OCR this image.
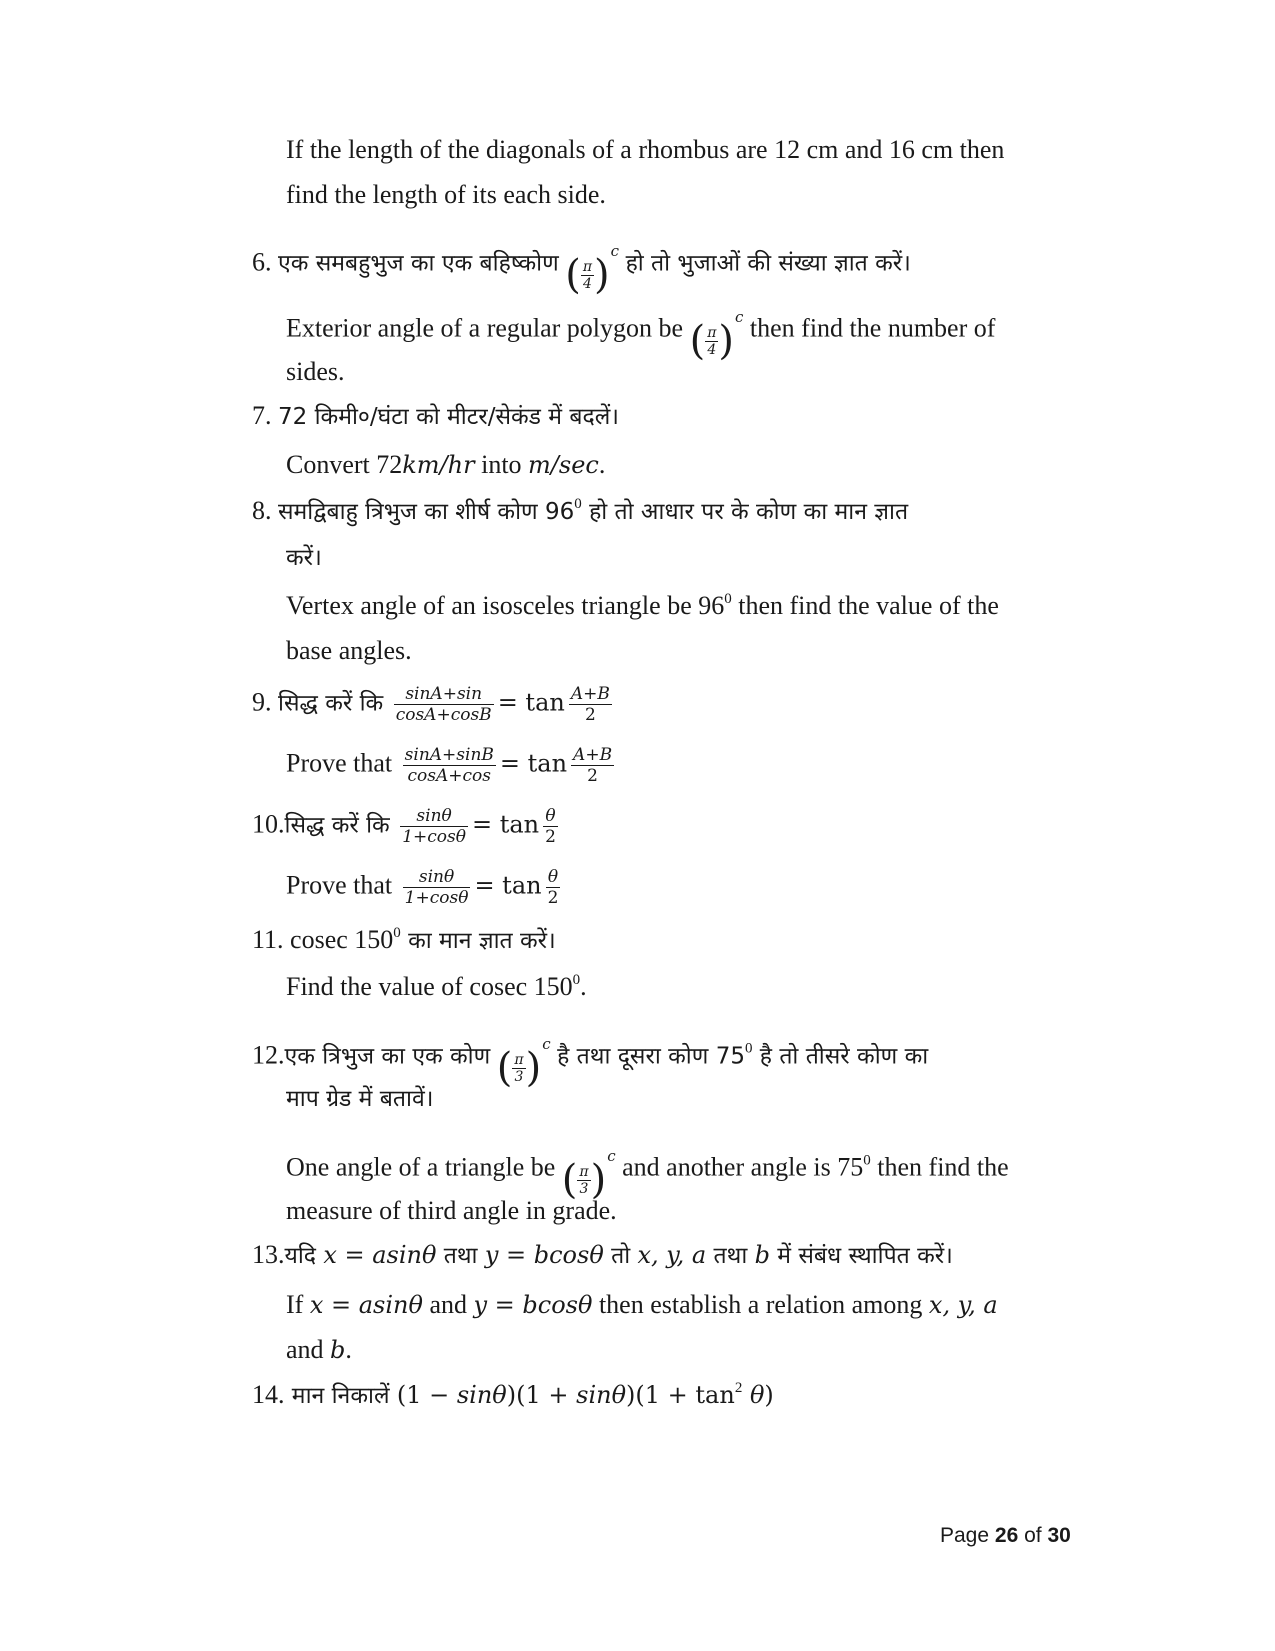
If the length of the diagonals of a rhombus are 12 cm and 16 cm then
find the length of its each side.
6. एक समबहुभुज का एक बहिष्कोण ( $\frac{\pi}{4} )^c$ हो तो भुजाओं की संख्या ज्ञात करें।
Exterior angle of a regular polygon be ( $\frac{\pi}{4} )^c$ then find the number of
sides.
7. 72 किमी०/घंटा को मीटर/सेकंड में बदलें।
Convert 72km/hr into m/sec.
8. समद्विबाहु त्रिभुज का शीर्ष कोण $96^0$ हो तो आधार पर के कोण का मान ज्ञात
करें।
Vertex angle of an isosceles triangle be $96^0$ then find the value of the
base angles.
9. सिद्ध करें कि $\frac{\sin A+\sin}{\cos A+\cos B} = \tan \frac{A+B}{2}$
Prove that $\frac{\sin A+\sin B}{\cos A+\cos} = \tan \frac{A+B}{2}$
10.सिद्ध करें कि $\frac{\sin\theta}{1+\cos\theta} = \tan \frac{\theta}{2}$
Prove that $\frac{\sin\theta}{1+\cos\theta} = \tan \frac{\theta}{2}$
11. cosec $150^0$ का मान ज्ञात करें।
Find the value of cosec $150^0$.
12.एक त्रिभुज का एक कोण ( $\frac{\pi}{3} )^c$ है तथा दूसरा कोण $75^0$ है तो तीसरे कोण का
माप ग्रेड में बतावें।
One angle of a triangle be ( $\frac{\pi}{3} )^c$ and another angle is $75^0$ then find the
measure of third angle in grade.
13.यदि x = asinθ तथा y = bcosθ तो x, y, a तथा b में संबंध स्थापित करें।
If x = asinθ and y = bcosθ then establish a relation among x, y, a
and b.
14. मान निकालें $(1 - \sin\theta)(1 + \sin\theta)(1 + \tan^2 \theta)$
Page 26 of 30
